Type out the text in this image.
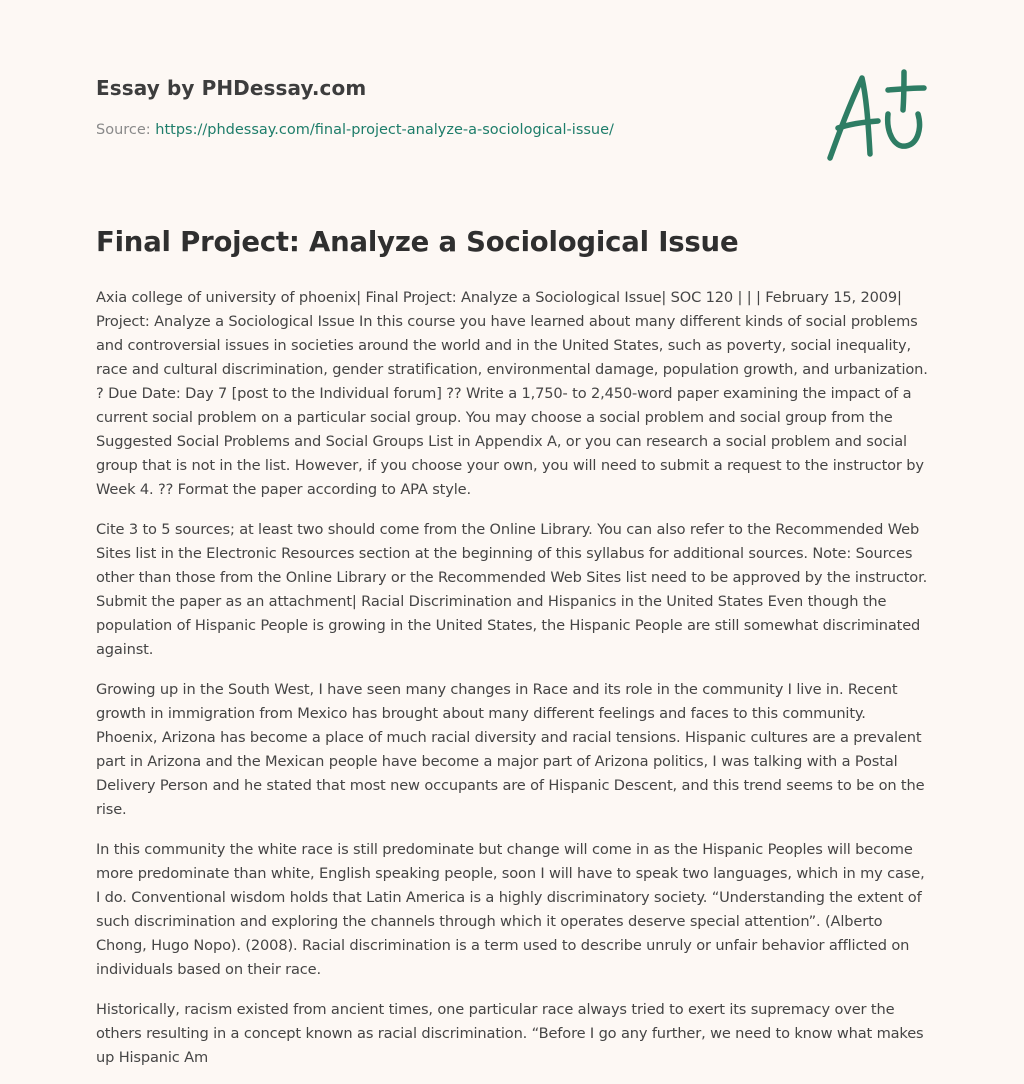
Essay by PHDessay.com

Source: https://phdessay.com/final-project-analyze-a-sociological-issue/
Final Project: Analyze a Sociological Issue

Axia college of university of phoenix| Final Project: Analyze a Sociological Issue| SOC 120 | | | February 15, 2009| Project: Analyze a Sociological Issue In this course you have learned about many different kinds of social problems and controversial issues in societies around the world and in the United States, such as poverty, social inequality, race and cultural discrimination, gender stratification, environmental damage, population growth, and urbanization. ? Due Date: Day 7 [post to the Individual forum] ?? Write a 1,750- to 2,450-word paper examining the impact of a current social problem on a particular social group. You may choose a social problem and social group from the Suggested Social Problems and Social Groups List in Appendix A, or you can research a social problem and social group that is not in the list. However, if you choose your own, you will need to submit a request to the instructor by Week 4. ?? Format the paper according to APA style.

Cite 3 to 5 sources; at least two should come from the Online Library. You can also refer to the Recommended Web Sites list in the Electronic Resources section at the beginning of this syllabus for additional sources. Note: Sources other than those from the Online Library or the Recommended Web Sites list need to be approved by the instructor. Submit the paper as an attachment| Racial Discrimination and Hispanics in the United States Even though the population of Hispanic People is growing in the United States, the Hispanic People are still somewhat discriminated against.

Growing up in the South West, I have seen many changes in Race and its role in the community I live in. Recent growth in immigration from Mexico has brought about many different feelings and faces to this community. Phoenix, Arizona has become a place of much racial diversity and racial tensions. Hispanic cultures are a prevalent part in Arizona and the Mexican people have become a major part of Arizona politics, I was talking with a Postal Delivery Person and he stated that most new occupants are of Hispanic Descent, and this trend seems to be on the rise.

In this community the white race is still predominate but change will come in as the Hispanic Peoples will become more predominate than white, English speaking people, soon I will have to speak two languages, which in my case, I do. Conventional wisdom holds that Latin America is a highly discriminatory society. “Understanding the extent of such discrimination and exploring the channels through which it operates deserve special attention”. (Alberto Chong, Hugo Nopo). (2008). Racial discrimination is a term used to describe unruly or unfair behavior afflicted on individuals based on their race.

Historically, racism existed from ancient times, one particular race always tried to exert its supremacy over the others resulting in a concept known as racial discrimination. “Before I go any further, we need to know what makes up Hispanic Am
